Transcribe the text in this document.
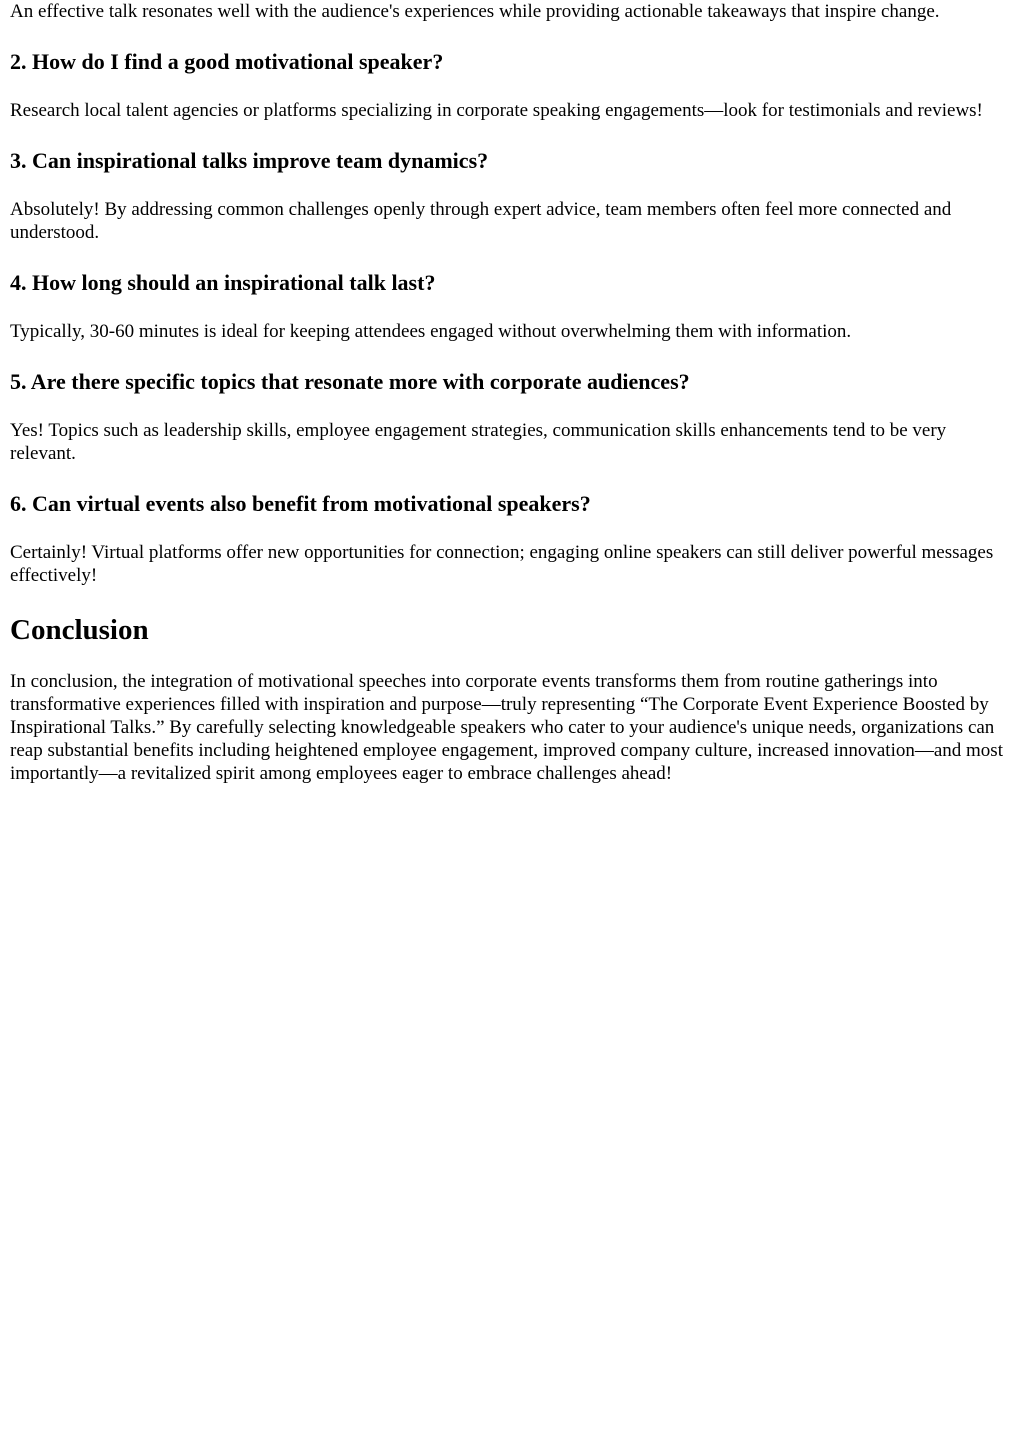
An effective talk resonates well with the audience's experiences while providing actionable takeaways that inspire change.

2. How do I find a good motivational speaker?

Research local talent agencies or platforms specializing in corporate speaking engagements—look for testimonials and reviews!

3. Can inspirational talks improve team dynamics?

Absolutely! By addressing common challenges openly through expert advice, team members often feel more connected and understood.

4. How long should an inspirational talk last?

Typically, 30-60 minutes is ideal for keeping attendees engaged without overwhelming them with information.

5. Are there specific topics that resonate more with corporate audiences?

Yes! Topics such as leadership skills, employee engagement strategies, communication skills enhancements tend to be very relevant.

6. Can virtual events also benefit from motivational speakers?

Certainly! Virtual platforms offer new opportunities for connection; engaging online speakers can still deliver powerful messages effectively!

Conclusion

In conclusion, the integration of motivational speeches into corporate events transforms them from routine gatherings into transformative experiences filled with inspiration and purpose—truly representing “The Corporate Event Experience Boosted by Inspirational Talks.” By carefully selecting knowledgeable speakers who cater to your audience's unique needs, organizations can reap substantial benefits including heightened employee engagement, improved company culture, increased innovation—and most importantly—a revitalized spirit among employees eager to embrace challenges ahead!
